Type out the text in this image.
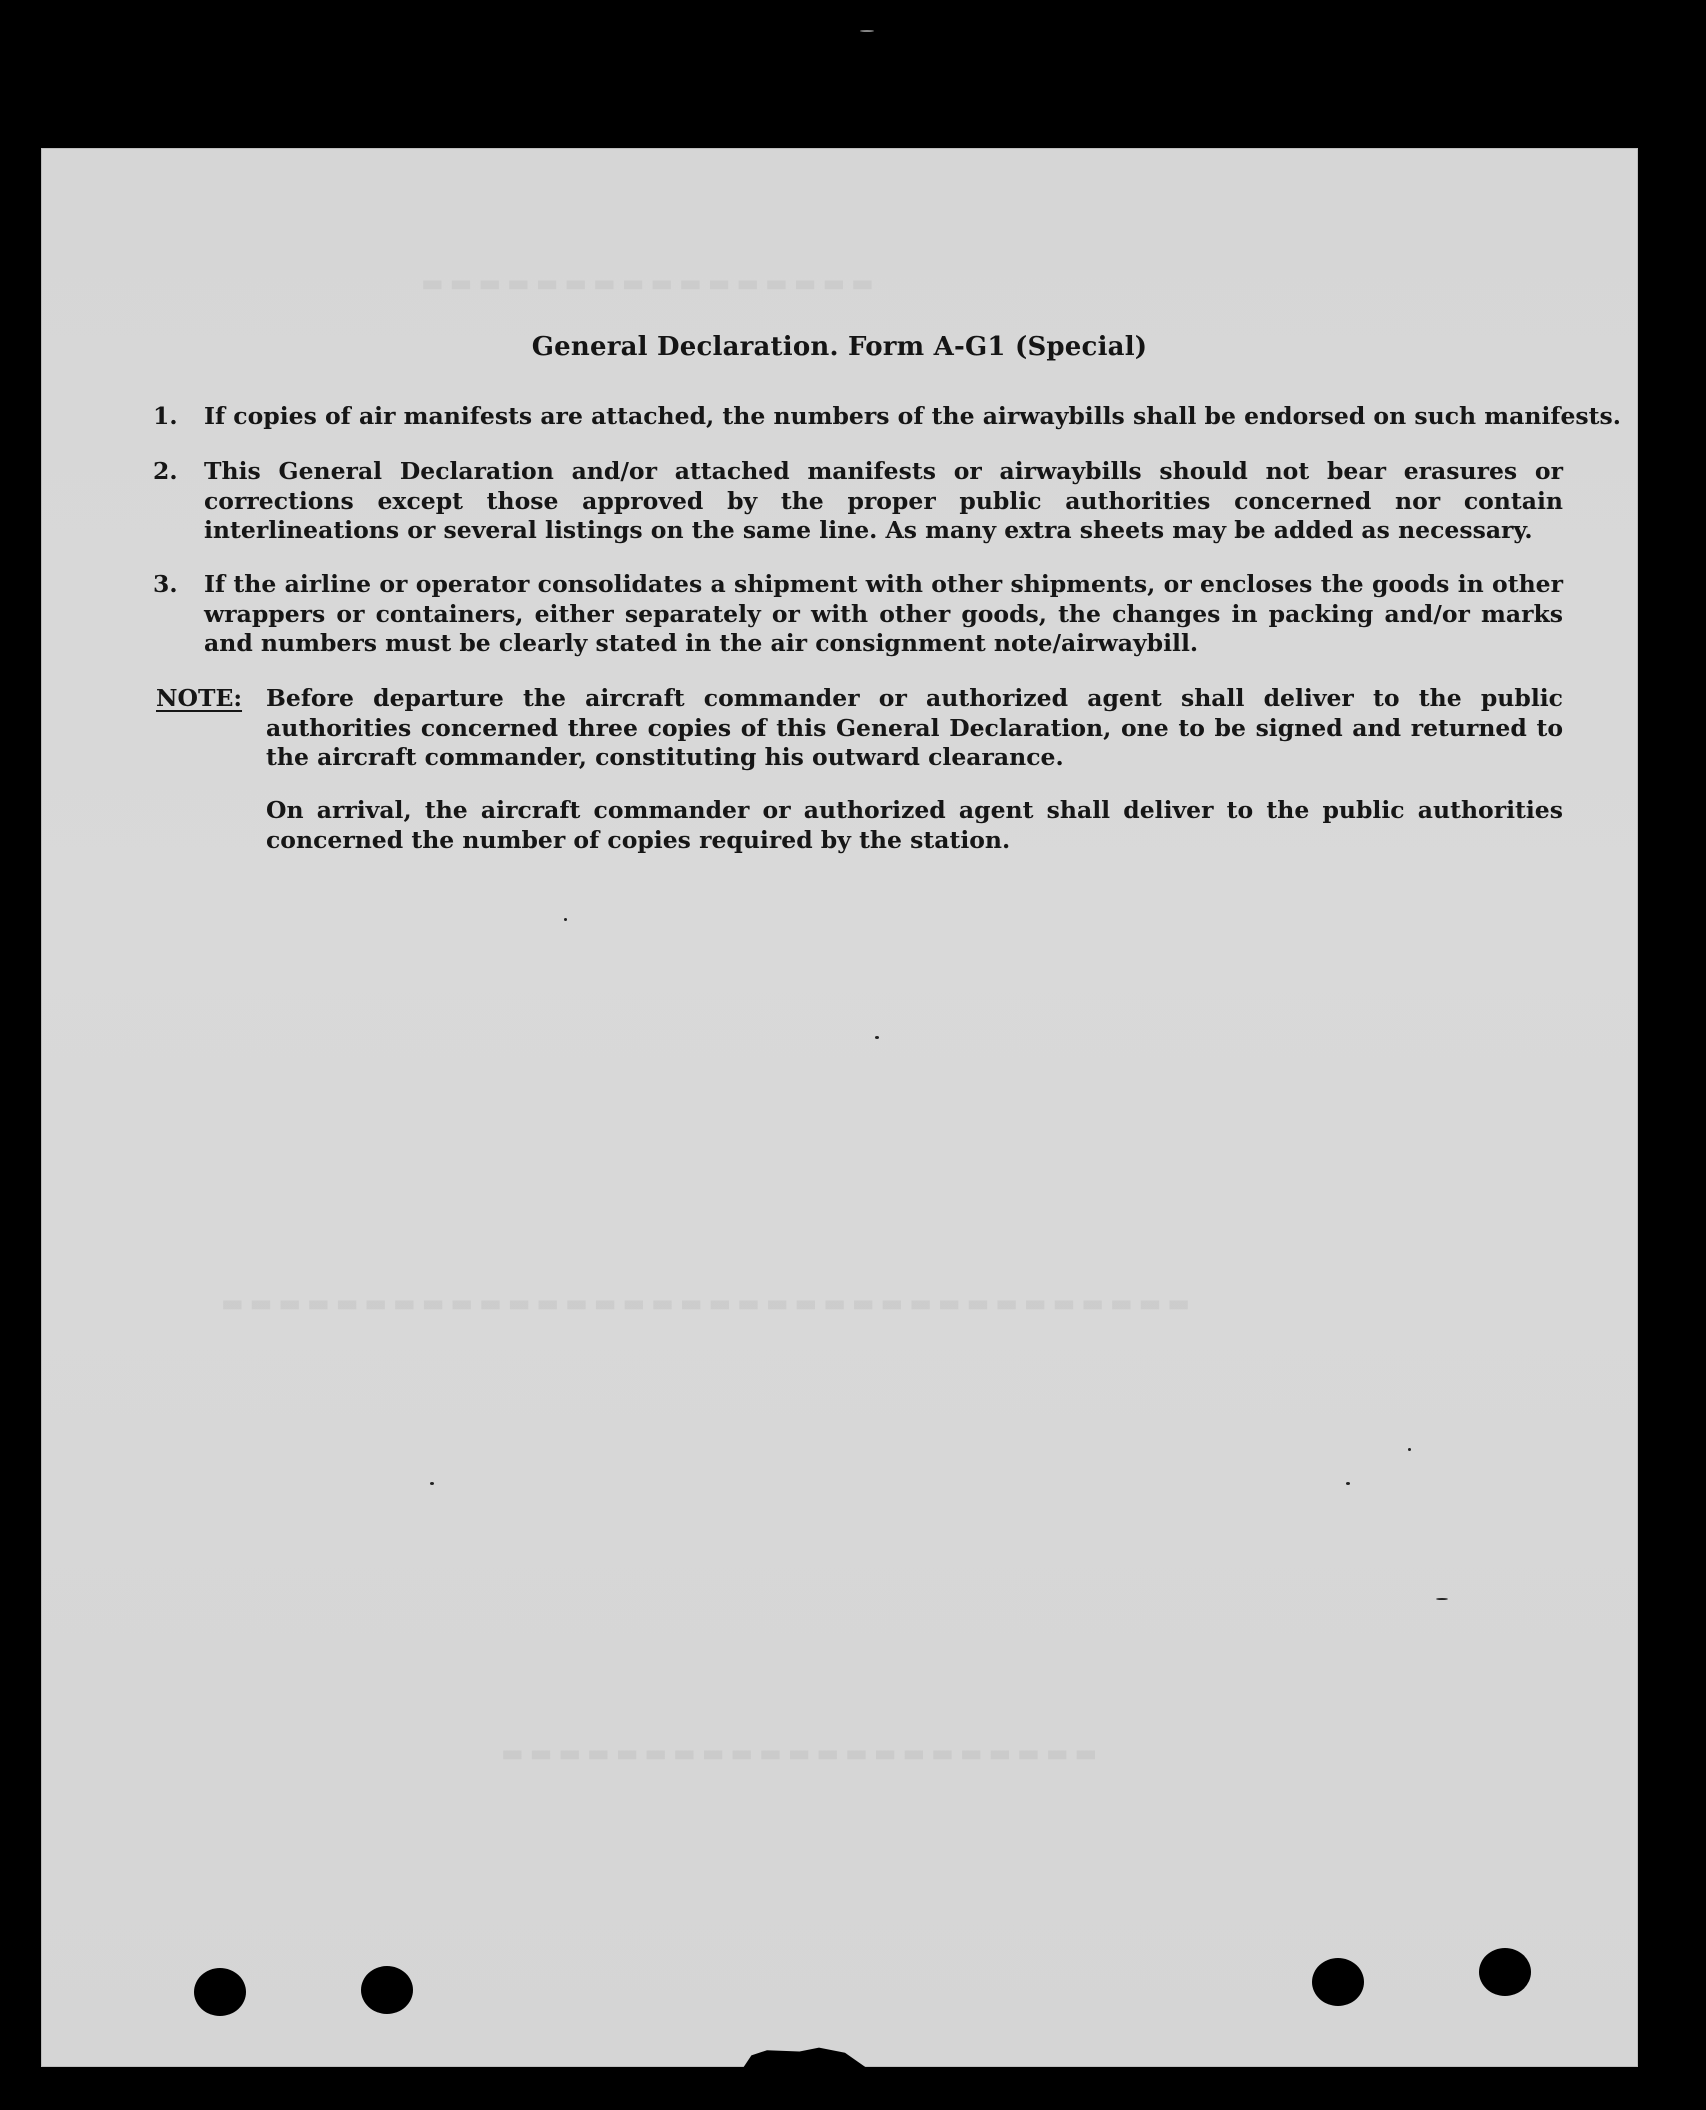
▬▬▬▬▬▬▬▬▬▬▬▬▬▬▬▬
▬▬▬▬▬▬▬▬▬▬▬▬▬▬▬▬▬▬▬▬▬▬▬▬▬▬▬▬▬▬▬▬▬▬
▬▬▬▬▬▬▬▬▬▬▬▬▬▬▬▬▬▬▬▬▬
General Declaration. Form A-G1 (Special)
1. If copies of air manifests are attached, the numbers of the airwaybills shall be endorsed on such manifests.
2. This General Declaration and/or attached manifests or airwaybills should not bear erasures or corrections except those approved by the proper public authorities concerned nor contain interlineations or several listings on the same line. As many extra sheets may be added as necessary.
3. If the airline or operator consolidates a shipment with other shipments, or encloses the goods in other wrappers or containers, either separately or with other goods, the changes in packing and/or marks and numbers must be clearly stated in the air consignment note/airwaybill.
NOTE: Before departure the aircraft commander or authorized agent shall deliver to the public authorities concerned three copies of this General Declaration, one to be signed and returned to the aircraft commander, constituting his outward clearance.
On arrival, the aircraft commander or authorized agent shall deliver to the public authorities concerned the number of copies required by the station.
